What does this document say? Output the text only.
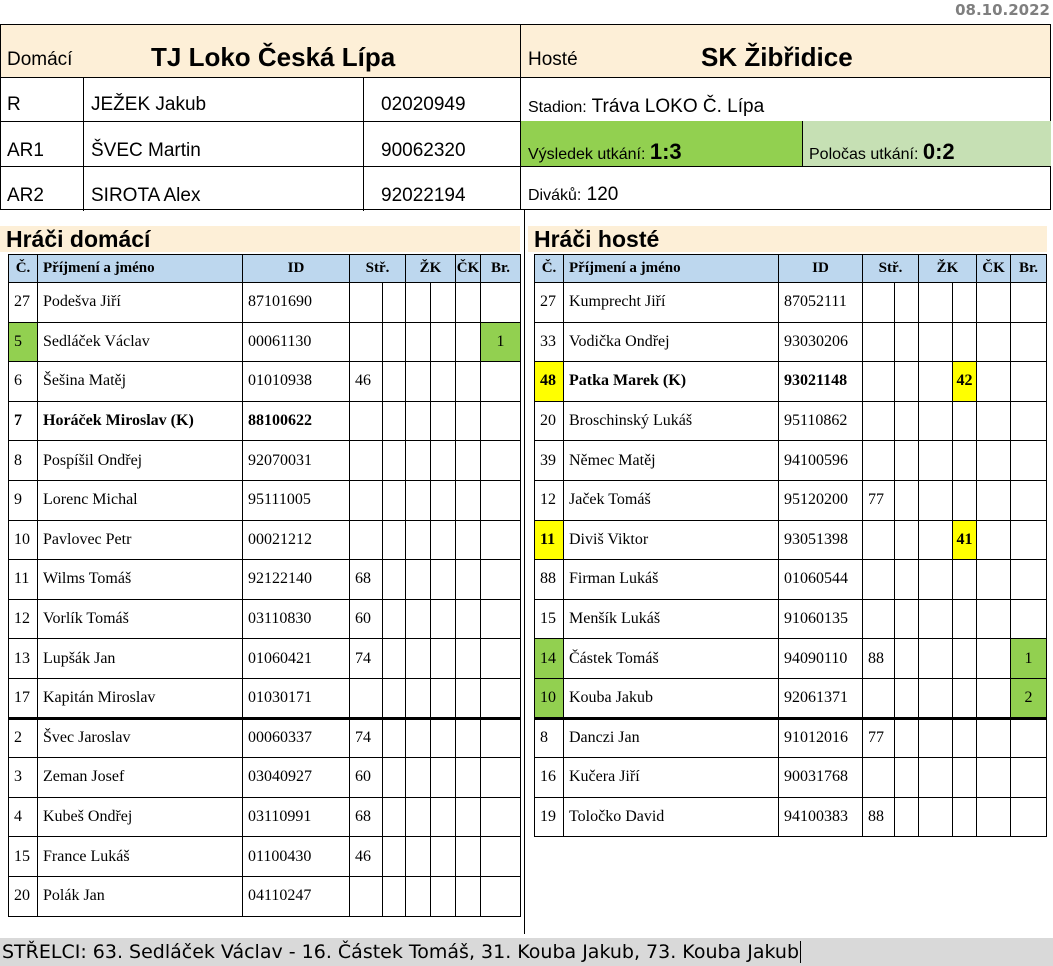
08.10.2022
Domácí	TJ Loko Česká Lípa
R	JEŽEK Jakub	02020949
AR1 ŠVEC Martin	90062320
AR2 SIROTA Alex	92022194
Hosté	SK Žibřidice
Stadion: Tráva LOKO Č. Lípa
Výsledek utkání: 1:3	Poločas utkání: 0:2
Diváků: 120
Hráči domácí	Hráči hosté
Č.	Příjmení a jméno	ID	Stř.		ŽK		ČK	Br.
27	Podešva Jiří	87101690						
5	Sedláček Václav	00061130						1
6	Šešina Matěj	01010938	46					
7	Horáček Miroslav (K)	88100622						
8	Pospíšil Ondřej	92070031						
9	Lorenc Michal	95111005						
10	Pavlovec Petr	00021212						
11	Wilms Tomáš	92122140	68					
12	Vorlík Tomáš	03110830	60					
13	Lupšák Jan	01060421	74					
17	Kapitán Miroslav	01030171						
2	Švec Jaroslav	00060337	74					
3	Zeman Josef	03040927	60					
4	Kubeš Ondřej	03110991	68					
15	France Lukáš	01100430	46					
20	Polák Jan	04110247						
Č.	Příjmení a jméno	ID	Stř.		ŽK		ČK	Br.
27	Kumprecht Jiří	87052111						
33	Vodička Ondřej	93030206						
48	Patka Marek (K)	93021148				42		
20	Broschinský Lukáš	95110862						
39	Němec Matěj	94100596						
12	Jaček Tomáš	95120200	77					
11	Diviš Viktor	93051398				41		
88	Firman Lukáš	01060544						
15	Menšík Lukáš	91060135						
14	Částek Tomáš	94090110	88					1
10	Kouba Jakub	92061371						2
8	Danczi Jan	91012016	77					
16	Kučera Jiří	90031768						
19	Toločko David	94100383	88					
STŘELCI: 63. Sedláček Václav - 16. Částek Tomáš, 31. Kouba Jakub, 73. Kouba Jakub
